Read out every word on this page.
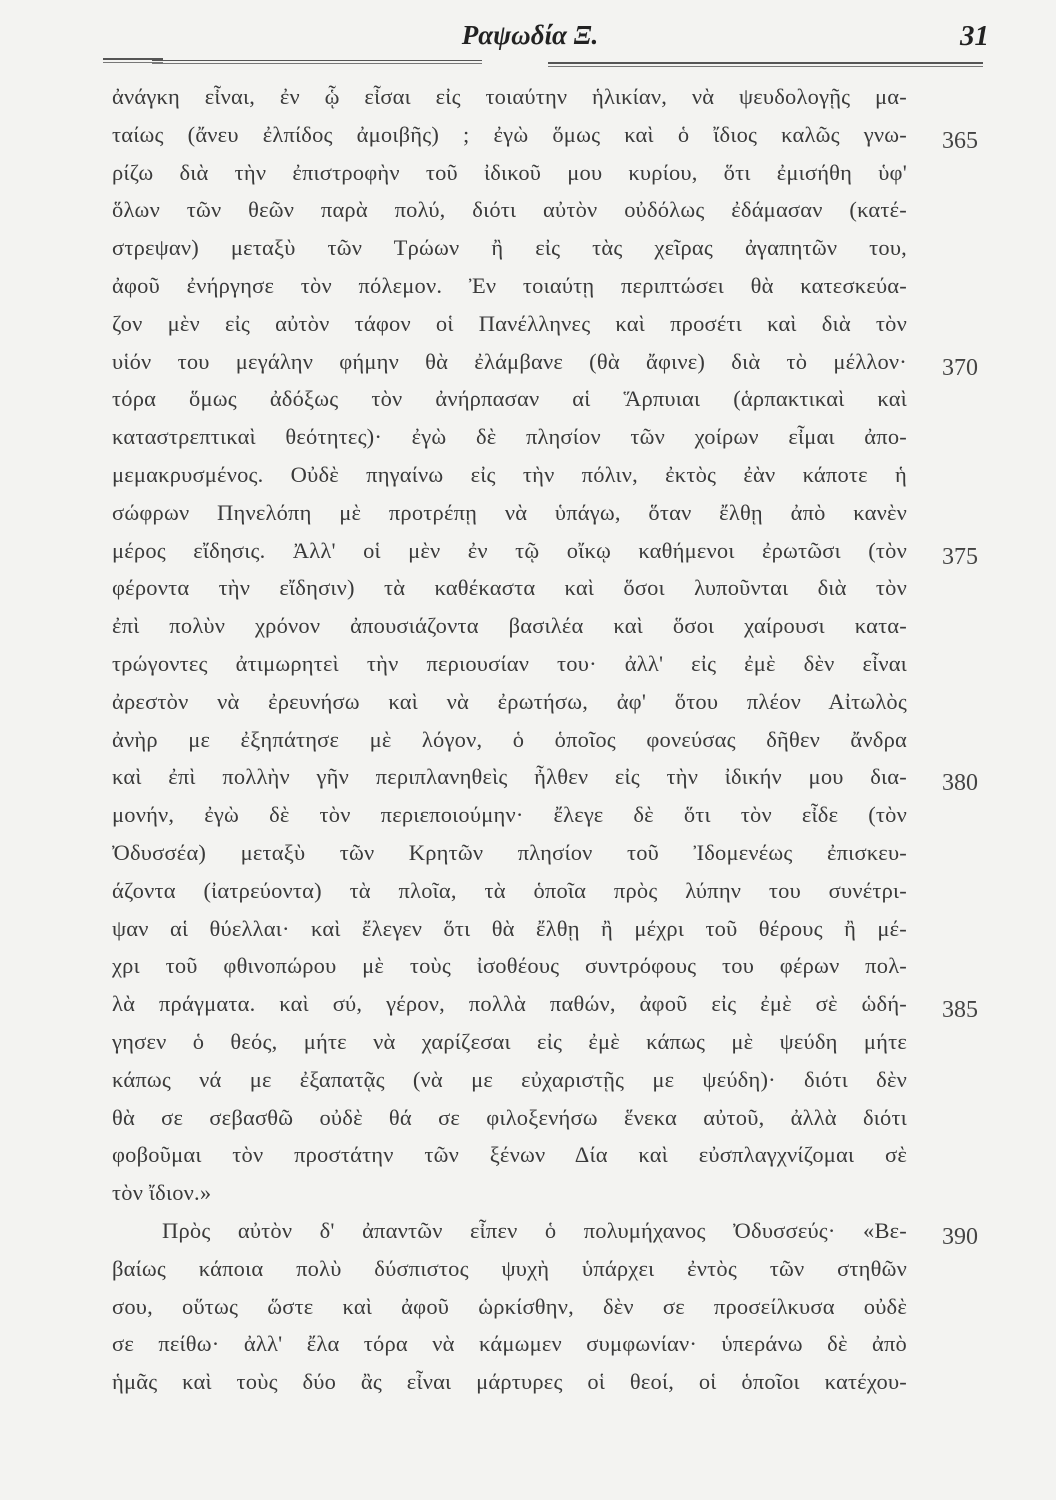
Ραψωδία Ξ.	31
ἀνάγκη εἶναι, ἐν ᾧ εἶσαι εἰς τοιαύτην ἡλικίαν, νὰ ψευδολογῇς μα-
ταίως (ἄνευ ἐλπίδος ἀμοιβῆς) ; ἐγὼ ὅμως καὶ ὁ ἴδιος καλῶς γνω- 365
ρίζω διὰ τὴν ἐπιστροφὴν τοῦ ἰδικοῦ μου κυρίου, ὅτι ἐμισήθη ὑφ'
ὅλων τῶν θεῶν παρὰ πολύ, διότι αὐτὸν οὐδόλως ἐδάμασαν (κατέ-
στρεψαν) μεταξὺ τῶν Τρώων ἢ εἰς τὰς χεῖρας ἀγαπητῶν του,
ἀφοῦ ἐνήργησε τὸν πόλεμον. Ἐν τοιαύτῃ περιπτώσει θὰ κατεσκεύα-
ζον μὲν εἰς αὐτὸν τάφον οἱ Πανέλληνες καὶ προσέτι καὶ διὰ τὸν
υἱόν του μεγάλην φήμην θὰ ἐλάμβανε (θὰ ἄφινε) διὰ τὸ μέλλον· 370
τόρα ὅμως ἀδόξως τὸν ἀνήρπασαν αἱ Ἅρπυιαι (ἁρπακτικαὶ καὶ
καταστρεπτικαὶ θεότητες)· ἐγὼ δὲ πλησίον τῶν χοίρων εἶμαι ἀπο-
μεμακρυσμένος. Οὐδὲ πηγαίνω εἰς τὴν πόλιν, ἐκτὸς ἐὰν κάποτε ἡ
σώφρων Πηνελόπη μὲ προτρέπῃ νὰ ὑπάγω, ὅταν ἔλθῃ ἀπὸ κανὲν
μέρος εἴδησις. Ἀλλ' οἱ μὲν ἐν τῷ οἴκῳ καθήμενοι ἐρωτῶσι (τὸν 375
φέροντα τὴν εἴδησιν) τὰ καθέκαστα καὶ ὅσοι λυποῦνται διὰ τὸν
ἐπὶ πολὺν χρόνον ἀπουσιάζοντα βασιλέα καὶ ὅσοι χαίρουσι κατα-
τρώγοντες ἀτιμωρητεὶ τὴν περιουσίαν του· ἀλλ' εἰς ἐμὲ δὲν εἶναι
ἀρεστὸν νὰ ἐρευνήσω καὶ νὰ ἐρωτήσω, ἀφ' ὅτου πλέον Αἰτωλὸς
ἀνὴρ με ἐξηπάτησε μὲ λόγον, ὁ ὁποῖος φονεύσας δῆθεν ἄνδρα
καὶ ἐπὶ πολλὴν γῆν περιπλανηθεὶς ἦλθεν εἰς τὴν ἰδικήν μου δια- 380
μονήν, ἐγὼ δὲ τὸν περιεποιούμην· ἔλεγε δὲ ὅτι τὸν εἶδε (τὸν
Ὀδυσσέα) μεταξὺ τῶν Κρητῶν πλησίον τοῦ Ἰδομενέως ἐπισκευ-
άζοντα (ἰατρεύοντα) τὰ πλοῖα, τὰ ὁποῖα πρὸς λύπην του συνέτρι-
ψαν αἱ θύελλαι· καὶ ἔλεγεν ὅτι θὰ ἔλθῃ ἢ μέχρι τοῦ θέρους ἢ μέ-
χρι τοῦ φθινοπώρου μὲ τοὺς ἰσοθέους συντρόφους του φέρων πολ-
λὰ πράγματα. καὶ σύ, γέρον, πολλὰ παθών, ἀφοῦ εἰς ἐμὲ σὲ ὡδή- 385
γησεν ὁ θεός, μήτε νὰ χαρίζεσαι εἰς ἐμὲ κάπως μὲ ψεύδη μήτε
κάπως νά με ἐξαπατᾷς (νὰ με εὐχαριστῇς με ψεύδη)· διότι δὲν
θὰ σε σεβασθῶ οὐδὲ θά σε φιλοξενήσω ἕνεκα αὐτοῦ, ἀλλὰ διότι
φοβοῦμαι τὸν προστάτην τῶν ξένων Δία καὶ εὐσπλαγχνίζομαι σὲ
τὸν ἴδιον.»
Πρὸς αὐτὸν δ' ἀπαντῶν εἶπεν ὁ πολυμήχανος Ὀδυσσεύς· «Βε- 390
βαίως κάποια πολὺ δύσπιστος ψυχὴ ὑπάρχει ἐντὸς τῶν στηθῶν
σου, οὕτως ὥστε καὶ ἀφοῦ ὡρκίσθην, δὲν σε προσείλκυσα οὐδὲ
σε πείθω· ἀλλ' ἔλα τόρα νὰ κάμωμεν συμφωνίαν· ὑπεράνω δὲ ἀπὸ
ἡμᾶς καὶ τοὺς δύο ἂς εἶναι μάρτυρες οἱ θεοί, οἱ ὁποῖοι κατέχου-
